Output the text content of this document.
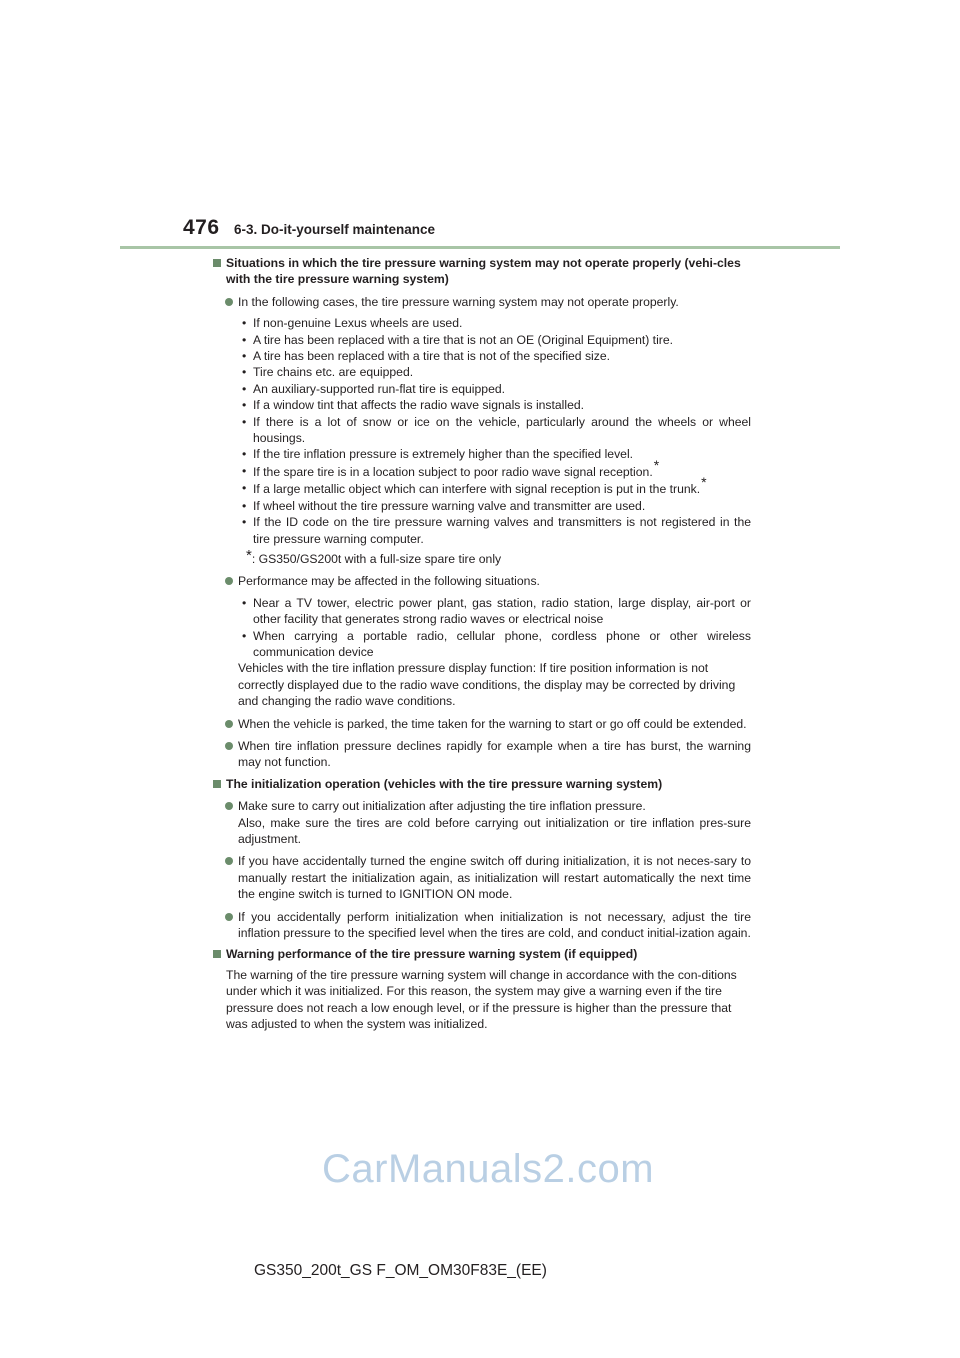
476 6-3. Do-it-yourself maintenance
Situations in which the tire pressure warning system may not operate properly (vehi-cles with the tire pressure warning system)
In the following cases, the tire pressure warning system may not operate properly.
• If non-genuine Lexus wheels are used.
• A tire has been replaced with a tire that is not an OE (Original Equipment) tire.
• A tire has been replaced with a tire that is not of the specified size.
• Tire chains etc. are equipped.
• An auxiliary-supported run-flat tire is equipped.
• If a window tint that affects the radio wave signals is installed.
• If there is a lot of snow or ice on the vehicle, particularly around the wheels or wheel housings.
• If the tire inflation pressure is extremely higher than the specified level.
• If the spare tire is in a location subject to poor radio wave signal reception.*
• If a large metallic object which can interfere with signal reception is put in the trunk.*
• If wheel without the tire pressure warning valve and transmitter are used.
• If the ID code on the tire pressure warning valves and transmitters is not registered in the tire pressure warning computer.
*: GS350/GS200t with a full-size spare tire only
Performance may be affected in the following situations.
• Near a TV tower, electric power plant, gas station, radio station, large display, air-port or other facility that generates strong radio waves or electrical noise
• When carrying a portable radio, cellular phone, cordless phone or other wireless communication device
Vehicles with the tire inflation pressure display function: If tire position information is not correctly displayed due to the radio wave conditions, the display may be corrected by driving and changing the radio wave conditions.
When the vehicle is parked, the time taken for the warning to start or go off could be extended.
When tire inflation pressure declines rapidly for example when a tire has burst, the warning may not function.
The initialization operation (vehicles with the tire pressure warning system)
Make sure to carry out initialization after adjusting the tire inflation pressure.
Also, make sure the tires are cold before carrying out initialization or tire inflation pres-sure adjustment.
If you have accidentally turned the engine switch off during initialization, it is not neces-sary to manually restart the initialization again, as initialization will restart automatically the next time the engine switch is turned to IGNITION ON mode.
If you accidentally perform initialization when initialization is not necessary, adjust the tire inflation pressure to the specified level when the tires are cold, and conduct initial-ization again.
Warning performance of the tire pressure warning system (if equipped)
The warning of the tire pressure warning system will change in accordance with the con-ditions under which it was initialized. For this reason, the system may give a warning even if the tire pressure does not reach a low enough level, or if the pressure is higher than the pressure that was adjusted to when the system was initialized.
CarManuals2.com
GS350_200t_GS F_OM_OM30F83E_(EE)
